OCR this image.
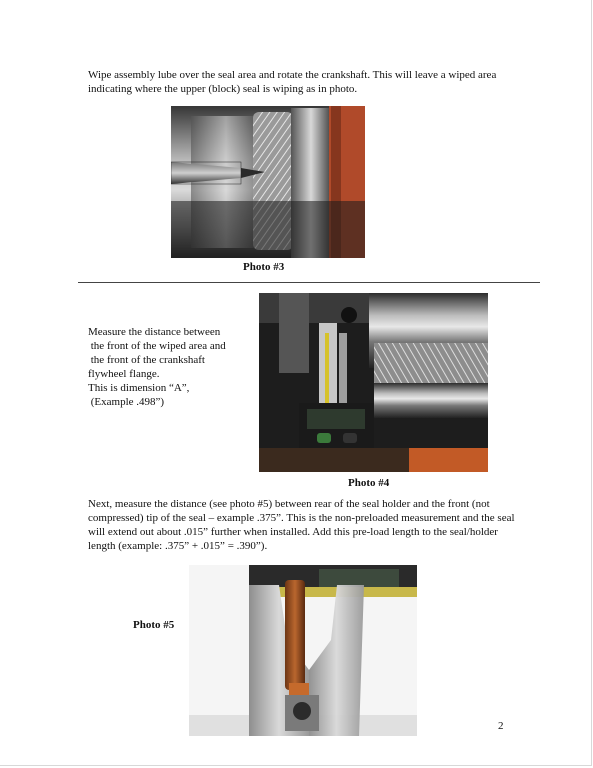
Wipe assembly lube over the seal area and rotate the crankshaft. This will leave a wiped area indicating where the upper (block) seal is wiping as in photo.

Photo #3
Measure the distance between
the front of the wiped area and
the front of the crankshaft
flywheel flange.
This is dimension “A”,
(Example .498”)
Photo #4

Next, measure the distance (see photo #5) between rear of the seal holder and the front (not compressed) tip of the seal – example .375”. This is the non-preloaded measurement and the seal will extend out about .015” further when installed. Add this pre-load length to the seal/holder length (example: .375” + .015” = .390”).

Photo #5
2
